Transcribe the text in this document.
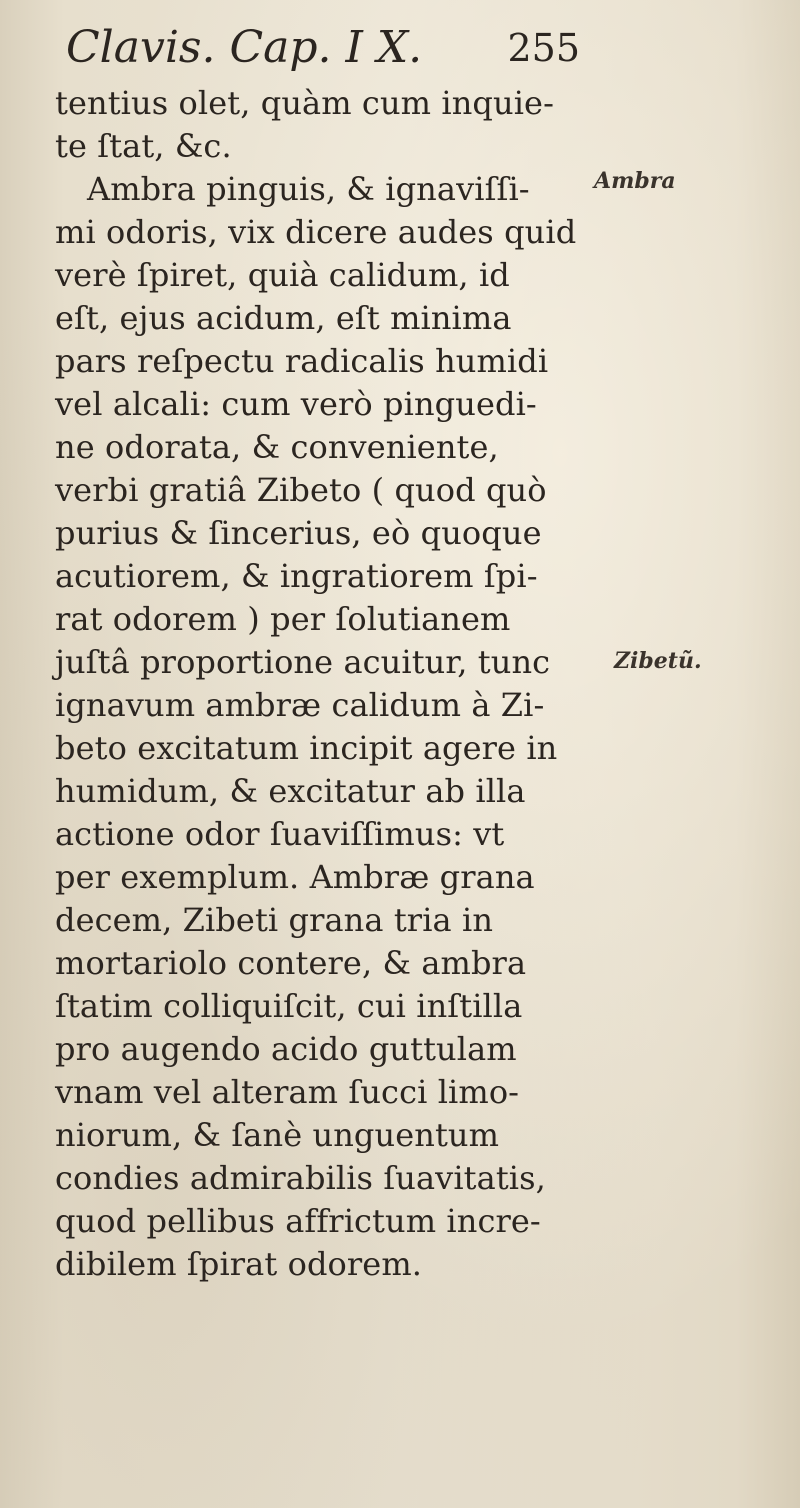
Clavis. Cap. I X. 255
tentius olet, quàm cum inquie-
te ſtat, &c.
Ambra pinguis, & ignaviſſi-
mi odoris, vix dicere audes quid
verè ſpiret, quià calidum, id
eſt, ejus acidum, eſt minima
pars reſpectu radicalis humidi
vel alcali: cum verò pinguedi-
ne odorata, & conveniente,
verbi gratiâ Zibeto ( quod quò
purius & ſincerius, eò quoque
acutiorem, & ingratiorem ſpi-
rat odorem ) per ſolutianem
juſtâ proportione acuitur, tunc
ignavum ambræ calidum à Zi-
beto excitatum incipit agere in
humidum, & excitatur ab illa
actione odor ſuaviſſimus: vt
per exemplum. Ambræ grana
decem, Zibeti grana tria in
mortariolo contere, & ambra
ſtatim colliquiſcit, cui inſtilla
pro augendo acido guttulam
vnam vel alteram ſucci limo-
niorum, & ſanè unguentum
condies admirabilis ſuavitatis,
quod pellibus affrictum incre-
dibilem ſpirat odorem.
Ambra
Zibetũ.
